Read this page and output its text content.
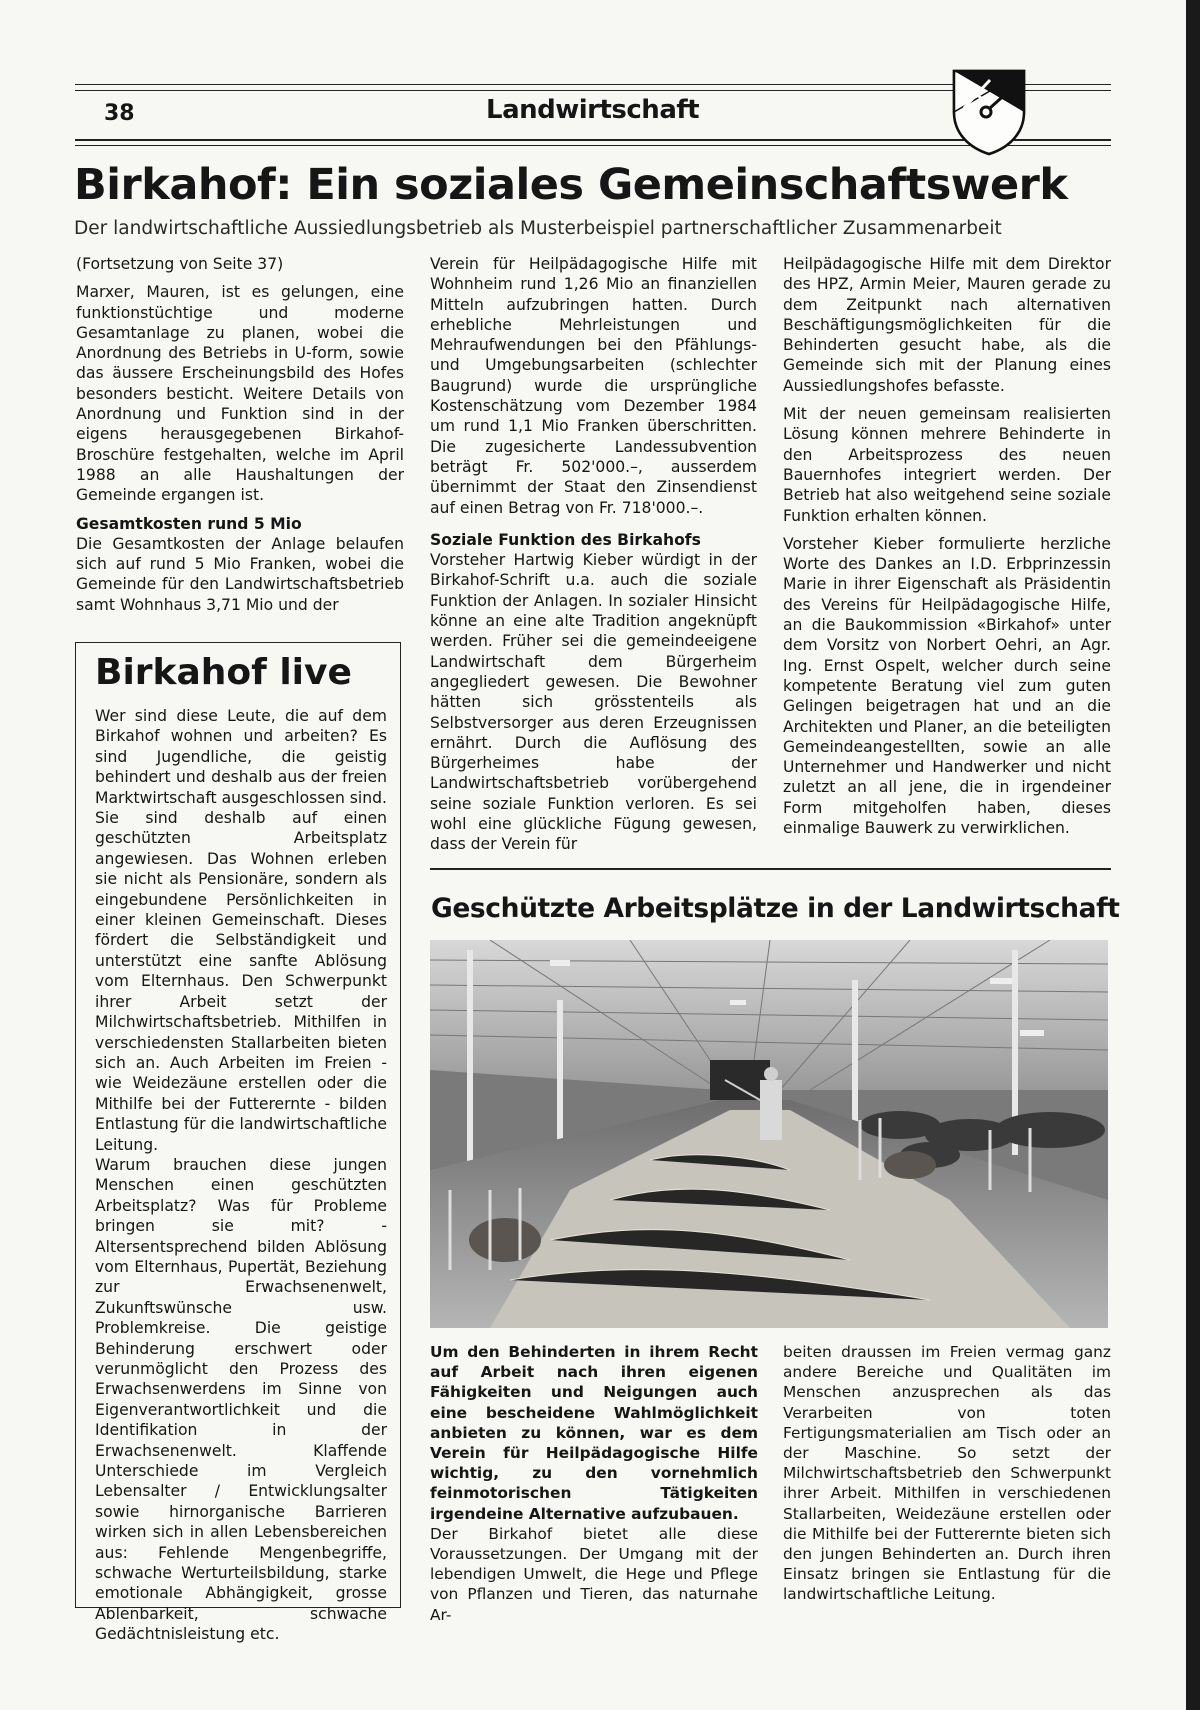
38	Landwirtschaft
Birkahof: Ein soziales Gemeinschaftswerk
Der landwirtschaftliche Aussiedlungsbetrieb als Musterbeispiel partnerschaftlicher Zusammenarbeit

(Fortsetzung von Seite 37)

Marxer, Mauren, ist es gelungen, eine funktionstüchtige und moderne Gesamtanlage zu planen, wobei die Anordnung des Betriebs in U-form, sowie das äussere Erscheinungsbild des Hofes besonders besticht. Weitere Details von Anordnung und Funktion sind in der eigens herausgegebenen Birkahof-Broschüre festgehalten, welche im April 1988 an alle Haushaltungen der Gemeinde ergangen ist.

Gesamtkosten rund 5 Mio

Die Gesamtkosten der Anlage belaufen sich auf rund 5 Mio Franken, wobei die Gemeinde für den Landwirtschaftsbetrieb samt Wohnhaus 3,71 Mio und der

Birkahof live

Wer sind diese Leute, die auf dem Birkahof wohnen und arbeiten? Es sind Jugendliche, die geistig behindert und deshalb aus der freien Marktwirtschaft ausgeschlossen sind. Sie sind deshalb auf einen geschützten Arbeitsplatz angewiesen. Das Wohnen erleben sie nicht als Pensionäre, sondern als eingebundene Persönlichkeiten in einer kleinen Gemeinschaft. Dieses fördert die Selbständigkeit und unterstützt eine sanfte Ablösung vom Elternhaus. Den Schwerpunkt ihrer Arbeit setzt der Milchwirtschaftsbetrieb. Mithilfen in verschiedensten Stallarbeiten bieten sich an. Auch Arbeiten im Freien - wie Weidezäune erstellen oder die Mithilfe bei der Futterernte - bilden Entlastung für die landwirtschaftliche Leitung.

Warum brauchen diese jungen Menschen einen geschützten Arbeitsplatz? Was für Probleme bringen sie mit? - Altersentsprechend bilden Ablösung vom Elternhaus, Pupertät, Beziehung zur Erwachsenenwelt, Zukunftswünsche usw. Problemkreise. Die geistige Behinderung erschwert oder verunmöglicht den Prozess des Erwachsenwerdens im Sinne von Eigenverantwortlichkeit und die Identifikation in der Erwachsenenwelt. Klaffende Unterschiede im Vergleich Lebensalter / Entwicklungsalter sowie hirnorganische Barrieren wirken sich in allen Lebensbereichen aus: Fehlende Mengenbegriffe, schwache Werturteilsbildung, starke emotionale Abhängigkeit, grosse Ablenbarkeit, schwache Gedächtnisleistung etc.

Verein für Heilpädagogische Hilfe mit Wohnheim rund 1,26 Mio an finanziellen Mitteln aufzubringen hatten. Durch erhebliche Mehrleistungen und Mehraufwendungen bei den Pfählungs- und Umgebungsarbeiten (schlechter Baugrund) wurde die ursprüngliche Kostenschätzung vom Dezember 1984 um rund 1,1 Mio Franken überschritten. Die zugesicherte Landessubvention beträgt Fr. 502'000.–, ausserdem übernimmt der Staat den Zinsendienst auf einen Betrag von Fr. 718'000.–.

Soziale Funktion des Birkahofs

Vorsteher Hartwig Kieber würdigt in der Birkahof-Schrift u.a. auch die soziale Funktion der Anlagen. In sozialer Hinsicht könne an eine alte Tradition angeknüpft werden. Früher sei die gemeindeeigene Landwirtschaft dem Bürgerheim angegliedert gewesen. Die Bewohner hätten sich grösstenteils als Selbstversorger aus deren Erzeugnissen ernährt. Durch die Auflösung des Bürgerheimes habe der Landwirtschaftsbetrieb vorübergehend seine soziale Funktion verloren. Es sei wohl eine glückliche Fügung gewesen, dass der Verein für

Heilpädagogische Hilfe mit dem Direktor des HPZ, Armin Meier, Mauren gerade zu dem Zeitpunkt nach alternativen Beschäftigungsmöglichkeiten für die Behinderten gesucht habe, als die Gemeinde sich mit der Planung eines Aussiedlungshofes befasste.

Mit der neuen gemeinsam realisierten Lösung können mehrere Behinderte in den Arbeitsprozess des neuen Bauernhofes integriert werden. Der Betrieb hat also weitgehend seine soziale Funktion erhalten können.

Vorsteher Kieber formulierte herzliche Worte des Dankes an I.D. Erbprinzessin Marie in ihrer Eigenschaft als Präsidentin des Vereins für Heilpädagogische Hilfe, an die Baukommission «Birkahof» unter dem Vorsitz von Norbert Oehri, an Agr. Ing. Ernst Ospelt, welcher durch seine kompetente Beratung viel zum guten Gelingen beigetragen hat und an die Architekten und Planer, an die beteiligten Gemeindeangestellten, sowie an alle Unternehmer und Handwerker und nicht zuletzt an all jene, die in irgendeiner Form mitgeholfen haben, dieses einmalige Bauwerk zu verwirklichen.

Geschützte Arbeitsplätze in der Landwirtschaft

Um den Behinderten in ihrem Recht auf Arbeit nach ihren eigenen Fähigkeiten und Neigungen auch eine bescheidene Wahlmöglichkeit anbieten zu können, war es dem Verein für Heilpädagogische Hilfe wichtig, zu den vornehmlich feinmotorischen Tätigkeiten irgendeine Alternative aufzubauen.

Der Birkahof bietet alle diese Voraussetzungen. Der Umgang mit der lebendigen Umwelt, die Hege und Pflege von Pflanzen und Tieren, das naturnahe Ar-

beiten draussen im Freien vermag ganz andere Bereiche und Qualitäten im Menschen anzusprechen als das Verarbeiten von toten Fertigungsmaterialien am Tisch oder an der Maschine. So setzt der Milchwirtschaftsbetrieb den Schwerpunkt ihrer Arbeit. Mithilfen in verschiedenen Stallarbeiten, Weidezäune erstellen oder die Mithilfe bei der Futterernte bieten sich den jungen Behinderten an. Durch ihren Einsatz bringen sie Entlastung für die landwirtschaftliche Leitung.
